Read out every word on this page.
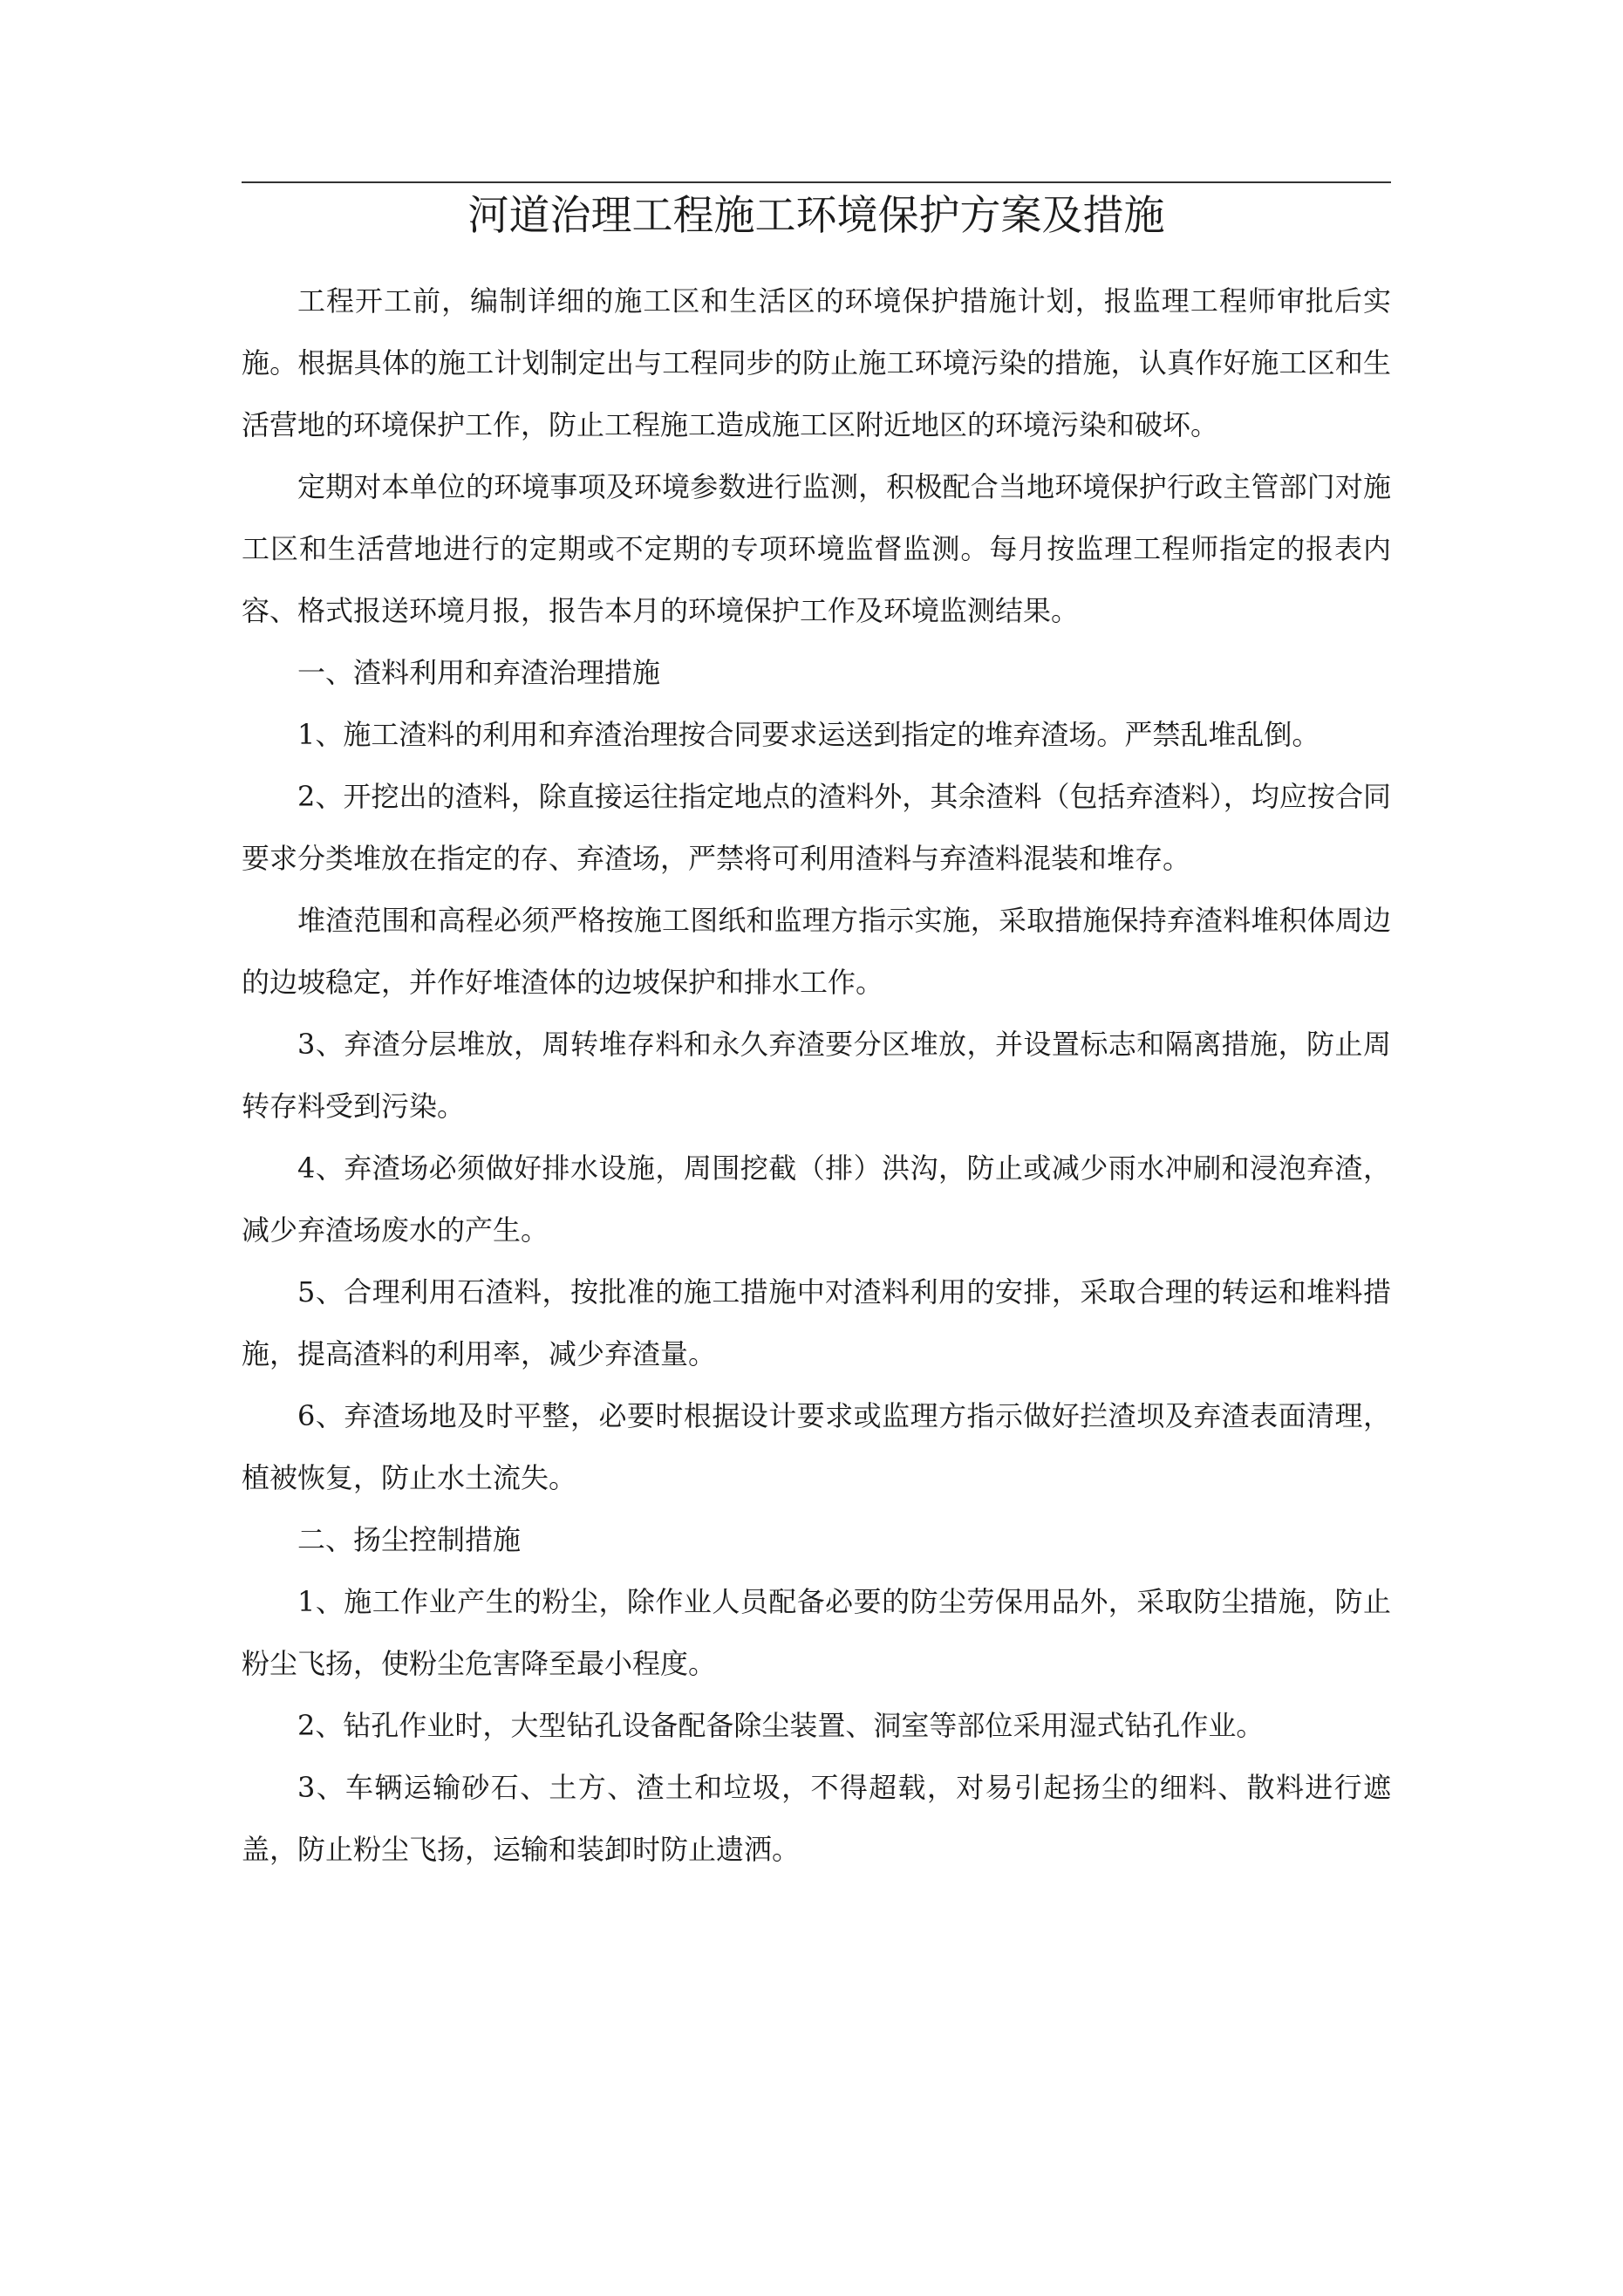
河道治理工程施工环境保护方案及措施

工程开工前，编制详细的施工区和生活区的环境保护措施计划，报监理工程师审批后实施。根据具体的施工计划制定出与工程同步的防止施工环境污染的措施，认真作好施工区和生活营地的环境保护工作，防止工程施工造成施工区附近地区的环境污染和破坏。

定期对本单位的环境事项及环境参数进行监测，积极配合当地环境保护行政主管部门对施工区和生活营地进行的定期或不定期的专项环境监督监测。每月按监理工程师指定的报表内容、格式报送环境月报，报告本月的环境保护工作及环境监测结果。

一、渣料利用和弃渣治理措施

1、施工渣料的利用和弃渣治理按合同要求运送到指定的堆弃渣场。严禁乱堆乱倒。

2、开挖出的渣料，除直接运往指定地点的渣料外，其余渣料（包括弃渣料），均应按合同要求分类堆放在指定的存、弃渣场，严禁将可利用渣料与弃渣料混装和堆存。

堆渣范围和高程必须严格按施工图纸和监理方指示实施，采取措施保持弃渣料堆积体周边的边坡稳定，并作好堆渣体的边坡保护和排水工作。

3、弃渣分层堆放，周转堆存料和永久弃渣要分区堆放，并设置标志和隔离措施，防止周转存料受到污染。

4、弃渣场必须做好排水设施，周围挖截（排）洪沟，防止或减少雨水冲刷和浸泡弃渣，减少弃渣场废水的产生。

5、合理利用石渣料，按批准的施工措施中对渣料利用的安排，采取合理的转运和堆料措施，提高渣料的利用率，减少弃渣量。

6、弃渣场地及时平整，必要时根据设计要求或监理方指示做好拦渣坝及弃渣表面清理，植被恢复，防止水土流失。

二、扬尘控制措施

1、施工作业产生的粉尘，除作业人员配备必要的防尘劳保用品外，采取防尘措施，防止粉尘飞扬，使粉尘危害降至最小程度。

2、钻孔作业时，大型钻孔设备配备除尘装置、洞室等部位采用湿式钻孔作业。

3、车辆运输砂石、土方、渣土和垃圾，不得超载，对易引起扬尘的细料、散料进行遮盖，防止粉尘飞扬，运输和装卸时防止遗洒。
